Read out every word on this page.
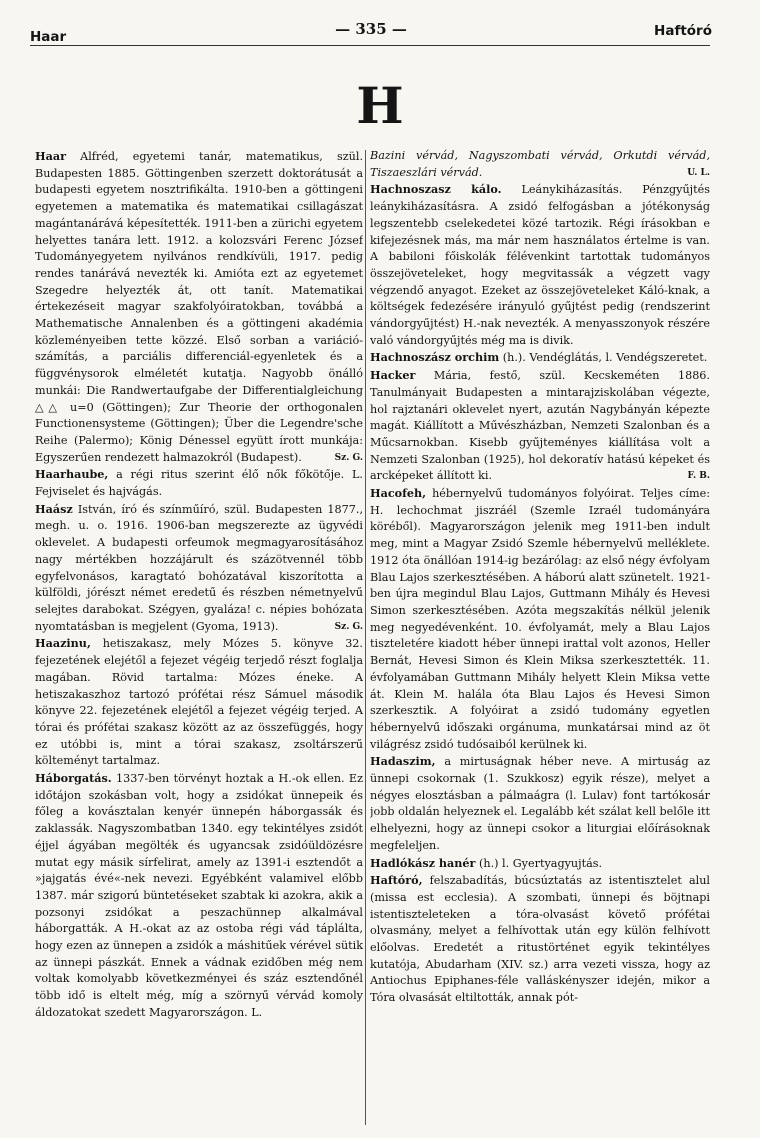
Haar	— 335 —	Haftóró
H

Haar Alfréd, egyetemi tanár, matematikus, szül. Budapesten 1885. Göttingenben szerzett doktorátusát a budapesti egyetem nosztrifikálta. 1910-ben a göttingeni egyetemen a matematika és matematikai csillagászat magántanárává képesítették. 1911-ben a zürichi egyetem helyettes tanára lett. 1912. a kolozsvári Ferenc József Tudományegyetem nyilvános rendkívüli, 1917. pedig rendes tanárává nevezték ki. Amióta ezt az egyetemet Szegedre helyezték át, ott tanít. Matematikai értekezéseit magyar szakfolyóiratokban, továbbá a Mathematische Annalenben és a göttingeni akadémia közleményeiben tette közzé. Első sorban a variáció-számítás, a parciális differenciál-egyenletek és a függvénysorok elméletét kutatja. Nagyobb önálló munkái: Die Randwertaufgabe der Differentialgleichung △△ u=0 (Göttingen); Zur Theorie der orthogonalen Functionensysteme (Göttingen); Über die Legendre'sche Reihe (Palermo); König Dénessel együtt írott munkája: Egyszerűen rendezett halmazokról (Budapest).	Sz. G.

Haarhaube, a régi ritus szerint élő nők főkötője. L. Fejviselet és hajvágás.

Haász István, író és színműíró, szül. Budapesten 1877., megh. u. o. 1916. 1906-ban megszerezte az ügyvédi oklevelet. A budapesti orfeumok megmagyarosításához nagy mértékben hozzájárult és százötvennél több egyfelvonásos, karagtató bohózatával kiszorította a külföldi, jórészt német eredetű és részben németnyelvű selejtes darabokat. Szégyen, gyaláza! c. népies bohózata nyomtatásban is megjelent (Gyoma, 1913).	Sz. G.

Haazinu, hetiszakasz, mely Mózes 5. könyve 32. fejezetének elejétől a fejezet végéig terjedő részt foglalja magában. Rövid tartalma: Mózes éneke. A hetiszakaszhoz tartozó prófétai rész Sámuel második könyve 22. fejezetének elejétől a fejezet végéig terjed. A tórai és prófétai szakasz között az az összefüggés, hogy ez utóbbi is, mint a tórai szakasz, zsoltárszerű költeményt tartalmaz.

Háborgatás. 1337-ben törvényt hoztak a H.-ok ellen. Ez időtájon szokásban volt, hogy a zsidókat ünnepeik és főleg a kovásztalan kenyér ünnepén háborgassák és zaklassák. Nagyszombatban 1340. egy tekintélyes zsidót éjjel ágyában megölték és ugyancsak zsidóüldözésre mutat egy másik sírfelirat, amely az 1391-i esztendőt a »jajgatás évé«-nek nevezi. Egyébként valamivel előbb 1387. már szigorú büntetéseket szabtak ki azokra, akik a pozsonyi zsidókat a peszachünnep alkalmával háborgatták. A H.-okat az az ostoba régi vád táplálta, hogy ezen az ünnepen a zsidók a máshitűek vérével sütik az ünnepi pászkát. Ennek a vádnak ezidőben még nem voltak komolyabb következményei és száz esztendőnél több idő is eltelt még, míg a szörnyű vérvád komoly áldozatokat szedett Magyarországon. L.

Bazini vérvád, Nagyszombati vérvád, Orkutdi vérvád, Tiszaeszlári vérvád.	U. L.

Hachnoszasz kálo. Leánykiházasítás. Pénzgyűjtés leánykiházasításra. A zsidó felfogásban a jótékonyság legszentebb cselekedetei közé tartozik. Régi írásokban e kifejezésnek más, ma már nem használatos értelme is van. A babiloni főiskolák félévenkint tartottak tudományos összejöveteleket, hogy megvitassák a végzett vagy végzendő anyagot. Ezeket az összejöveteleket Káló-knak, a költségek fedezésére irányuló gyűjtést pedig (rendszerint vándorgyűjtést) H.-nak nevezték. A menyasszonyok részére való vándorgyűjtés még ma is divik.

Hachnoszász orchim (h.). Vendéglátás, l. Vendégszeretet.

Hacker Mária, festő, szül. Kecskeméten 1886. Tanulmányait Budapesten a mintarajziskolában végezte, hol rajztanári oklevelet nyert, azután Nagybányán képezte magát. Kiállított a Művészházban, Nemzeti Szalonban és a Műcsarnokban. Kisebb gyűjteményes kiállítása volt a Nemzeti Szalonban (1925), hol dekoratív hatású képeket és arcképeket állított ki.	F. B.

Hacofeh, hébernyelvű tudományos folyóirat. Teljes címe: H. lechochmat jiszráél (Szemle Izraél tudományára köréből). Magyarországon jelenik meg 1911-ben indult meg, mint a Magyar Zsidó Szemle hébernyelvű melléklete. 1912 óta önállóan 1914-ig bezárólag: az első négy évfolyam Blau Lajos szerkesztésében. A háború alatt szünetelt. 1921-ben újra megindul Blau Lajos, Guttmann Mihály és Hevesi Simon szerkesztésében. Azóta megszakítás nélkül jelenik meg negyedévenként. 10. évfolyamát, mely a Blau Lajos tiszteletére kiadott héber ünnepi irattal volt azonos, Heller Bernát, Hevesi Simon és Klein Miksa szerkesztették. 11. évfolyamában Guttmann Mihály helyett Klein Miksa vette át. Klein M. halála óta Blau Lajos és Hevesi Simon szerkesztik. A folyóirat a zsidó tudomány egyetlen hébernyelvű időszaki orgánuma, munkatársai mind az öt világrész zsidó tudósaiból kerülnek ki.

Hadaszim, a mirtuságnak héber neve. A mirtuság az ünnepi csokornak (1. Szukkosz) egyik része), melyet a négyes elosztásban a pálmaágra (l. Lulav) font tartókosár jobb oldalán helyeznek el. Legalább két szálat kell belőle itt elhelyezni, hogy az ünnepi csokor a liturgiai előírásoknak megfeleljen.

Hadlókász hanér (h.) l. Gyertyagyujtás.

Haftóró, felszabadítás, búcsúztatás az istentisztelet alul (missa est ecclesia). A szombati, ünnepi és böjtnapi istentiszteleteken a tóra-olvasást követő prófétai olvasmány, melyet a felhívottak után egy külön felhívott előolvas. Eredetét a ritustörténet egyik tekintélyes kutatója, Abudarham (XIV. sz.) arra vezeti vissza, hogy az Antiochus Epiphanes-féle valláskényszer idején, mikor a Tóra olvasását eltiltották, annak pót-
